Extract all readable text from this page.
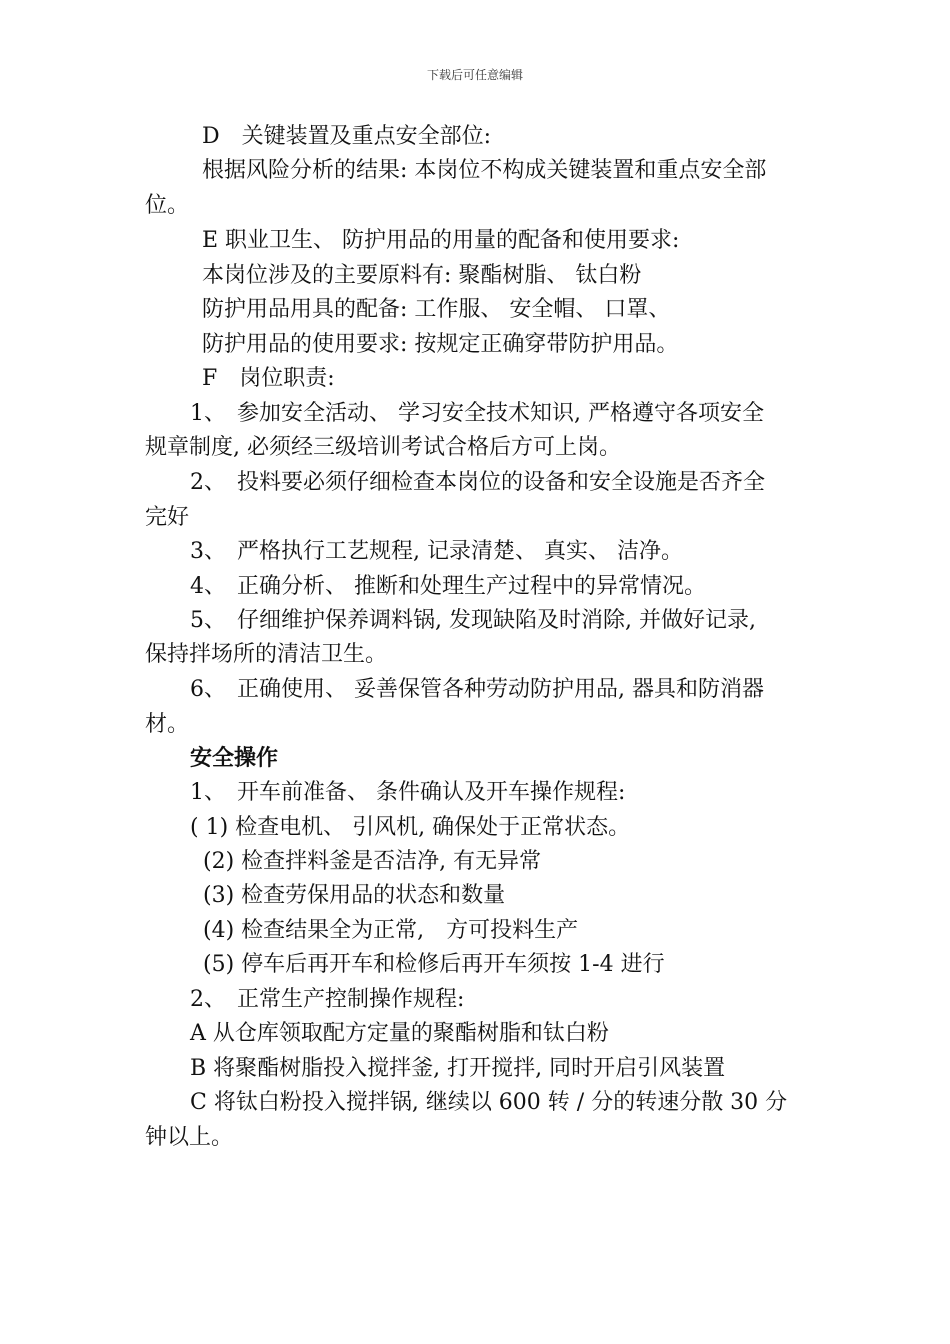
下载后可任意编辑
D　关键装置及重点安全部位:
根据风险分析的结果: 本岗位不构成关键装置和重点安全部
位。
E 职业卫生、 防护用品的用量的配备和使用要求:
本岗位涉及的主要原料有: 聚酯树脂、 钛白粉
防护用品用具的配备: 工作服、 安全帽、 口罩、
防护用品的使用要求: 按规定正确穿带防护用品。
F　岗位职责:
1、　参加安全活动、 学习安全技术知识, 严格遵守各项安全
规章制度, 必须经三级培训考试合格后方可上岗。
2、　投料要必须仔细检查本岗位的设备和安全设施是否齐全
完好
3、　严格执行工艺规程, 记录清楚、 真实、 洁净。
4、　正确分析、 推断和处理生产过程中的异常情况。
5、　仔细维护保养调料锅, 发现缺陷及时消除, 并做好记录,
保持拌场所的清洁卫生。
6、　正确使用、 妥善保管各种劳动防护用品, 器具和防消器
材。
安全操作
1、　开车前准备、 条件确认及开车操作规程:
( 1) 检查电机、 引风机, 确保处于正常状态。
(2) 检查拌料釜是否洁净, 有无异常
(3) 检查劳保用品的状态和数量
(4) 检查结果全为正常,　方可投料生产
(5) 停车后再开车和检修后再开车须按 1-4 进行
2、　正常生产控制操作规程:
A 从仓库领取配方定量的聚酯树脂和钛白粉
B 将聚酯树脂投入搅拌釜, 打开搅拌, 同时开启引风装置
C 将钛白粉投入搅拌锅, 继续以 600 转 / 分的转速分散 30 分
钟以上。
